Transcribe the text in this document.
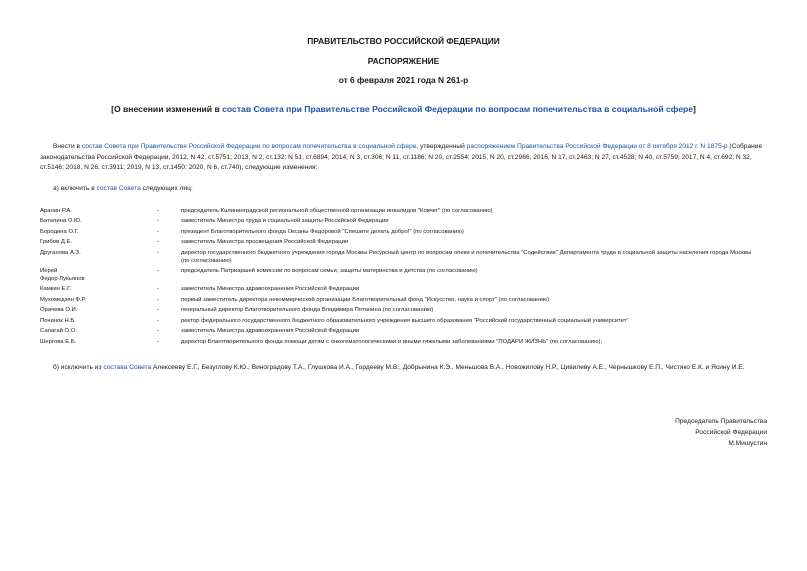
ПРАВИТЕЛЬСТВО РОССИЙСКОЙ ФЕДЕРАЦИИ
РАСПОРЯЖЕНИЕ
от 6 февраля 2021 года N 261-р
[О внесении изменений в состав Совета при Правительстве Российской Федерации по вопросам попечительства в социальной сфере]
Внести в состав Совета при Правительстве Российской Федерации по вопросам попечительства в социальной сфере, утвержденный распоряжением Правительства Российской Федерации от 8 октября 2012 г. N 1875-р (Собрание законодательства Российской Федерации, 2012, N 42, ст.5751; 2013, N 2, ст.132; N 51, ст.6894; 2014, N 3, ст.306; N 11, ст.1186; N 20, ст.2554; 2015, N 20, ст.2966; 2016, N 17, ст.2463; N 27, ст.4528; N 40, ст.5759; 2017, N 4, ст.692; N 32, ст.5146; 2018, N 26, ст.3911; 2019, N 13, ст.1450; 2020, N 6, ст.740), следующие изменения:
а) включить в состав Совета следующих лиц:
Аранин Р.А.	-	председатель Калининградской региональной общественной организации инвалидов "Ковчег" (по согласованию)
Баталина О.Ю.	-	заместитель Министра труда и социальной защиты Российской Федерации
Бородина О.Г.	-	президент Благотворительного фонда Оксаны Федоровой "Спешите делать добро!" (по согласованию)
Грибов Д.Е.	-	заместитель Министра просвещения Российской Федерации
Друганова А.З.	-	директор государственного бюджетного учреждения города Москвы Ресурсный центр по вопросам опеки и попечительства "Содействие" Департамента труда и социальной защиты населения города Москвы
(по согласованию)

Иерей
Федор Лукьянов	-	председатель Патриаршей комиссии по вопросам семьи, защиты материнства и детства (по согласованию)
Камкин Е.Г.	-	заместитель Министра здравоохранения Российской Федерации
Мухомедзян Ф.Р.	-	первый заместитель директора некоммерческой организации Благотворительный фонд "Искусство, наука и спорт" (по согласованию)
Орачева О.И.	-	генеральный директор Благотворительного фонда Владимира Потанина (по согласованию)
Починок Н.Б.	-	ректор федерального государственного бюджетного образовательного учреждения высшего образования "Российский государственный социальный университет"
Салагай О.О.	-	заместитель Министра здравоохранения Российской Федерации
Шергова Е.Б.	-	директор Благотворительного фонда помощи детям с онкогематологическими и иными тяжелыми заболеваниями "ПОДАРИ ЖИЗНЬ" (по согласованию);
б) исключить из состава Совета Алексееву Е.Г., Безуглову К.Ю., Виноградову Т.А., Глушкова И.А., Гордееву М.В., Добрынина К.Э., Меньшова В.А., Новожилову Н.Р., Цивилеву А.Е., Чернышкову Е.П., Чистяко Е.К. и Ясину И.Е.
Председатель Правительства
Российской Федерации
М.Мишустин
